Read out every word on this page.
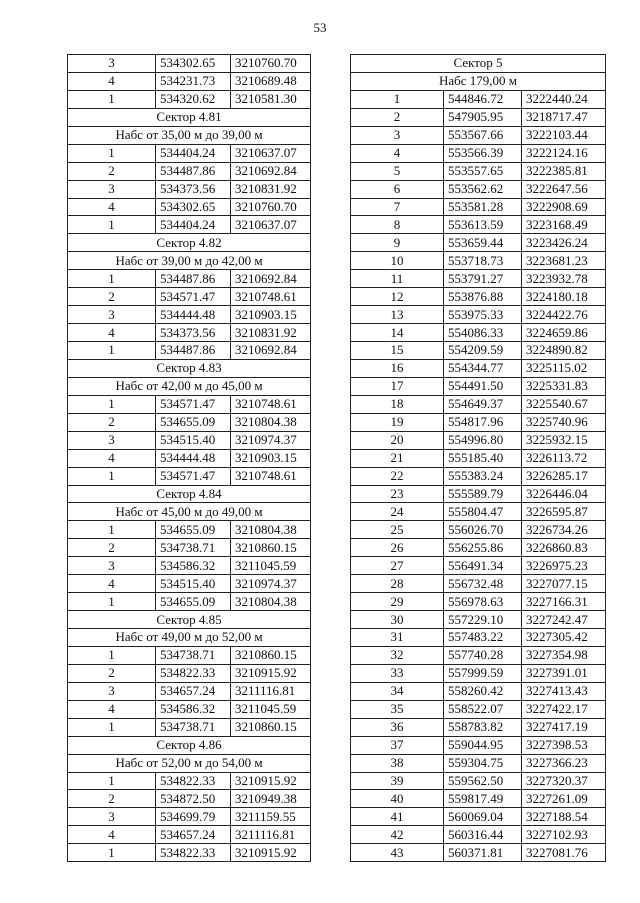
53
3	534302.65	3210760.70
4	534231.73	3210689.48
1	534320.62	3210581.30
Сектор 4.81		
Набс от 35,00 м до 39,00 м		
1	534404.24	3210637.07
2	534487.86	3210692.84
3	534373.56	3210831.92
4	534302.65	3210760.70
1	534404.24	3210637.07
Сектор 4.82		
Набс от 39,00 м до 42,00 м		
1	534487.86	3210692.84
2	534571.47	3210748.61
3	534444.48	3210903.15
4	534373.56	3210831.92
1	534487.86	3210692.84
Сектор 4.83		
Набс от 42,00 м до 45,00 м		
1	534571.47	3210748.61
2	534655.09	3210804.38
3	534515.40	3210974.37
4	534444.48	3210903.15
1	534571.47	3210748.61
Сектор 4.84		
Набс от 45,00 м до 49,00 м		
1	534655.09	3210804.38
2	534738.71	3210860.15
3	534586.32	3211045.59
4	534515.40	3210974.37
1	534655.09	3210804.38
Сектор 4.85		
Набс от 49,00 м до 52,00 м		
1	534738.71	3210860.15
2	534822.33	3210915.92
3	534657.24	3211116.81
4	534586.32	3211045.59
1	534738.71	3210860.15
Сектор 4.86		
Набс от 52,00 м до 54,00 м		
1	534822.33	3210915.92
2	534872.50	3210949.38
3	534699.79	3211159.55
4	534657.24	3211116.81
1	534822.33	3210915.92
Сектор 5		
Набс 179,00 м		
1	544846.72	3222440.24
2	547905.95	3218717.47
3	553567.66	3222103.44
4	553566.39	3222124.16
5	553557.65	3222385.81
6	553562.62	3222647.56
7	553581.28	3222908.69
8	553613.59	3223168.49
9	553659.44	3223426.24
10	553718.73	3223681.23
11	553791.27	3223932.78
12	553876.88	3224180.18
13	553975.33	3224422.76
14	554086.33	3224659.86
15	554209.59	3224890.82
16	554344.77	3225115.02
17	554491.50	3225331.83
18	554649.37	3225540.67
19	554817.96	3225740.96
20	554996.80	3225932.15
21	555185.40	3226113.72
22	555383.24	3226285.17
23	555589.79	3226446.04
24	555804.47	3226595.87
25	556026.70	3226734.26
26	556255.86	3226860.83
27	556491.34	3226975.23
28	556732.48	3227077.15
29	556978.63	3227166.31
30	557229.10	3227242.47
31	557483.22	3227305.42
32	557740.28	3227354.98
33	557999.59	3227391.01
34	558260.42	3227413.43
35	558522.07	3227422.17
36	558783.82	3227417.19
37	559044.95	3227398.53
38	559304.75	3227366.23
39	559562.50	3227320.37
40	559817.49	3227261.09
41	560069.04	3227188.54
42	560316.44	3227102.93
43	560371.81	3227081.76
